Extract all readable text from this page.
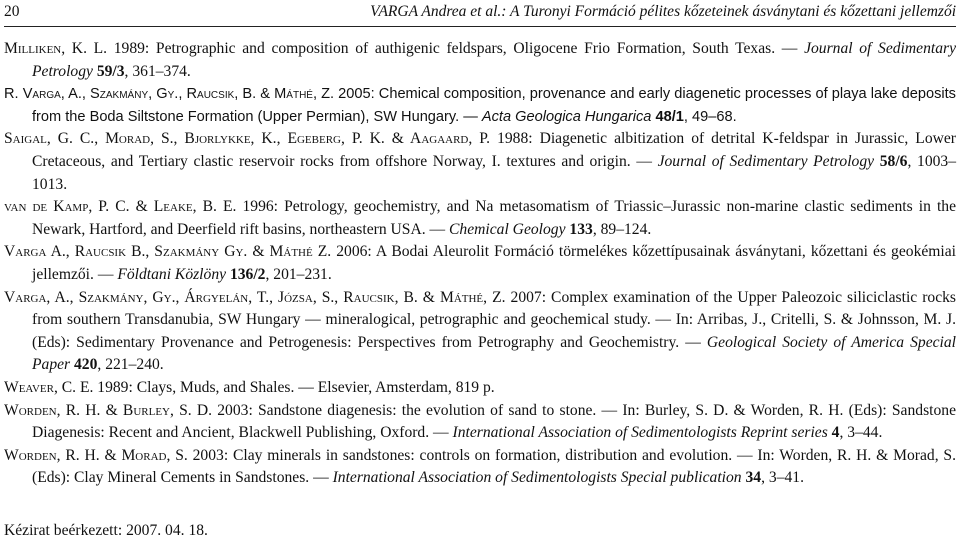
20	VARGA Andrea et al.: A Turonyi Formáció pélites kőzeteinek ásványtani és kőzettani jellemzői

Milliken, K. L. 1989: Petrographic and composition of authigenic feldspars, Oligocene Frio Formation, South Texas. — Journal of Sedimentary Petrology 59/3, 361–374.

R. Varga, A., Szakmány, Gy., Raucsik, B. & Máthé, Z. 2005: Chemical composition, provenance and early diagenetic processes of playa lake deposits from the Boda Siltstone Formation (Upper Permian), SW Hungary. — Acta Geologica Hungarica 48/1, 49–68.

Saigal, G. C., Morad, S., Bjorlykke, K., Egeberg, P. K. & Aagaard, P. 1988: Diagenetic albitization of detrital K-feldspar in Jurassic, Lower Cretaceous, and Tertiary clastic reservoir rocks from offshore Norway, I. textures and origin. — Journal of Sedimentary Petrology 58/6, 1003–1013.

van de Kamp, P. C. & Leake, B. E. 1996: Petrology, geochemistry, and Na metasomatism of Triassic–Jurassic non-marine clastic sediments in the Newark, Hartford, and Deerfield rift basins, northeastern USA. — Chemical Geology 133, 89–124.

Varga A., Raucsik B., Szakmány Gy. & Máthé Z. 2006: A Bodai Aleurolit Formáció törmelékes kőzettípusainak ásványtani, kőzettani és geokémiai jellemzői. — Földtani Közlöny 136/2, 201–231.

Varga, A., Szakmány, Gy., Árgyelán, T., Józsa, S., Raucsik, B. & Máthé, Z. 2007: Complex examination of the Upper Paleozoic siliciclastic rocks from southern Transdanubia, SW Hungary — mineralogical, petrographic and geochemical study. — In: Arribas, J., Critelli, S. & Johnsson, M. J. (Eds): Sedimentary Provenance and Petrogenesis: Perspectives from Petrography and Geochemistry. — Geological Society of America Special Paper 420, 221–240.

Weaver, C. E. 1989: Clays, Muds, and Shales. — Elsevier, Amsterdam, 819 p.

Worden, R. H. & Burley, S. D. 2003: Sandstone diagenesis: the evolution of sand to stone. — In: Burley, S. D. & Worden, R. H. (Eds): Sandstone Diagenesis: Recent and Ancient, Blackwell Publishing, Oxford. — International Association of Sedimentologists Reprint series 4, 3–44.

Worden, R. H. & Morad, S. 2003: Clay minerals in sandstones: controls on formation, distribution and evolution. — In: Worden, R. H. & Morad, S. (Eds): Clay Mineral Cements in Sandstones. — International Association of Sedimentologists Special publication 34, 3–41.

Kézirat beérkezett: 2007. 04. 18.
